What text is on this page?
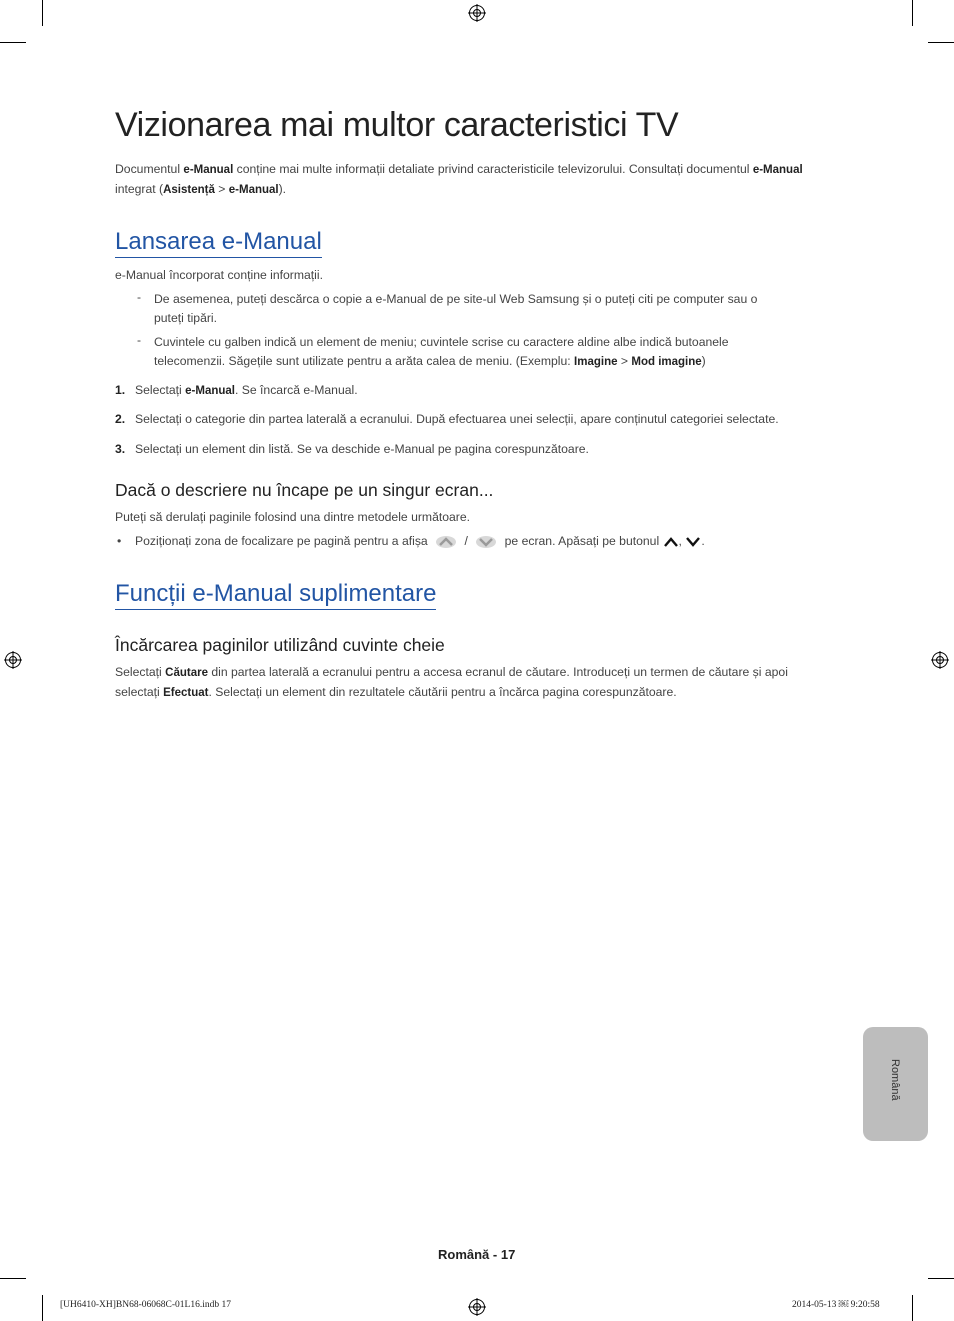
Vizionarea mai multor caracteristici TV
Documentul e-Manual conține mai multe informații detaliate privind caracteristicile televizorului. Consultați documentul e-Manual
integrat (Asistență > e-Manual).
Lansarea e-Manual
e-Manual încorporat conține informații.
- De asemenea, puteți descărca o copie a e-Manual de pe site-ul Web Samsung și o puteți citi pe computer sau o
puteți tipări.
- Cuvintele cu galben indică un element de meniu; cuvintele scrise cu caractere aldine albe indică butoanele
telecomenzii. Săgețile sunt utilizate pentru a arăta calea de meniu. (Exemplu: Imagine > Mod imagine)
1. Selectați e-Manual. Se încarcă e-Manual.
2. Selectați o categorie din partea laterală a ecranului. După efectuarea unei selecții, apare conținutul categoriei selectate.
3. Selectați un element din listă. Se va deschide e-Manual pe pagina corespunzătoare.
Dacă o descriere nu încape pe un singur ecran...
Puteți să derulați paginile folosind una dintre metodele următoare.
• Poziționați zona de focalizare pe pagină pentru a afișa	/	pe ecran. Apăsați pe butonul , .
Funcții e-Manual suplimentare
Încărcarea paginilor utilizând cuvinte cheie
Selectați Căutare din partea laterală a ecranului pentru a accesa ecranul de căutare. Introduceți un termen de căutare și apoi
selectați Efectuat. Selectați un element din rezultatele căutării pentru a încărca pagina corespunzătoare.
Română
Română - 17
[UH6410-XH]BN68-06068C-01L16.indb 17	2014-05-13 ￼ 9:20:58
